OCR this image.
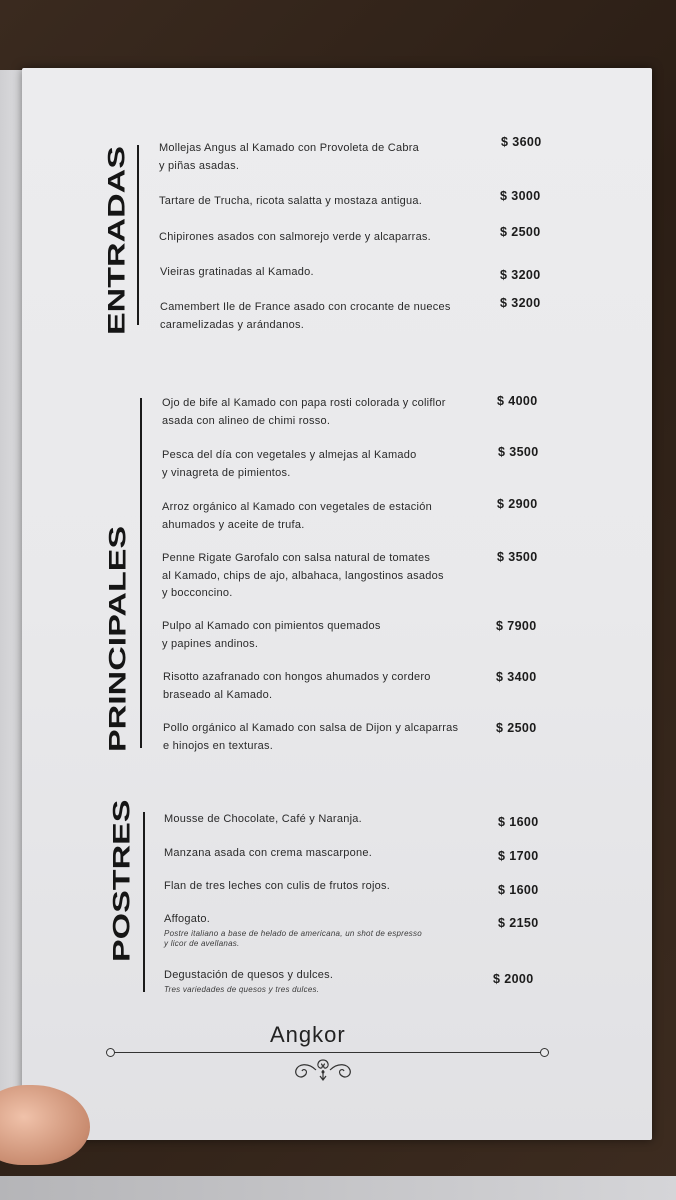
ENTRADAS	Mollejas Angus al Kamado con Provoleta de Cabra
y piñas asadas.
$ 3600
Tartare de Trucha, ricota salatta y mostaza antigua.	$ 3000
Chipirones asados con salmorejo verde y alcaparras.	$ 2500
Vieiras gratinadas al Kamado.	$ 3200
Camembert Ile de France asado con crocante de nueces
caramelizadas y arándanos.
$ 3200
PRINCIPALES
Ojo de bife al Kamado con papa rosti colorada y coliflor
asada con alineo de chimi rosso.
$ 4000
Pesca del día con vegetales y almejas al Kamado
y vinagreta de pimientos.
$ 3500
Arroz orgánico al Kamado con vegetales de estación
ahumados y aceite de trufa.
$ 2900
Penne Rigate Garofalo con salsa natural de tomates
al Kamado, chips de ajo, albahaca, langostinos asados
y bocconcino.
$ 3500
Pulpo al Kamado con pimientos quemados
y papines andinos.
$ 7900
Risotto azafranado con hongos ahumados y cordero
braseado al Kamado.
$ 3400
Pollo orgánico al Kamado con salsa de Dijon y alcaparras
e hinojos en texturas.
$ 2500
POSTRES	Mousse de Chocolate, Café y Naranja.	$ 1600
Manzana asada con crema mascarpone.	$ 1700
Flan de tres leches con culis de frutos rojos.	$ 1600
Affogato.
Postre italiano a base de helado de americana, un shot de espresso
y licor de avellanas.
$ 2150
Degustación de quesos y dulces.
Tres variedades de quesos y tres dulces.
$ 2000
Angkor
